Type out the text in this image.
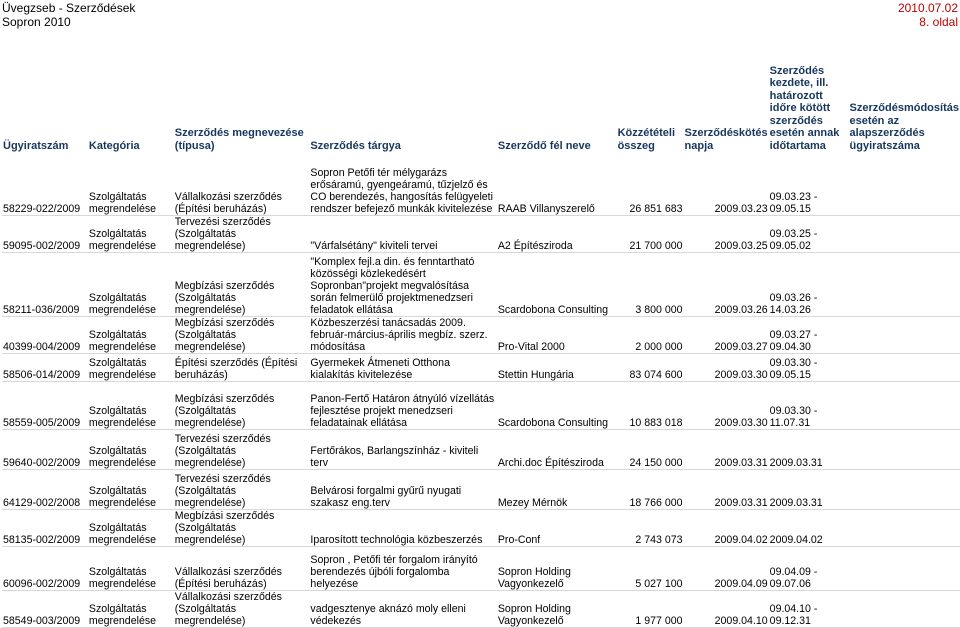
Üvegzseb - Szerződések
Sopron 2010
2010.07.02
8. oldal
Ügyiratszám	Kategória	Szerződés megnevezése (típusa)	Szerződés tárgya	Szerződő fél neve	Közzétételi összeg	Szerződéskötés napja	Szerződés kezdete, ill. határozott időre kötött szerződés esetén annak időtartama	Szerződésmódosítás esetén az alapszerződés ügyiratszáma
58229-022/2009	Szolgáltatás
megrendelése	Vállalkozási szerződés
(Építési beruházás)	Sopron Petőfi tér mélygarázs erősáramú, gyengeáramú, tűzjelző és CO berendezés, hangosítás felügyeleti rendszer befejező munkák kivitelezése	RAAB Villanyszerelő	26 851 683	2009.03.23	09.03.23 -
09.05.15	
59095-002/2009	Szolgáltatás
megrendelése	Tervezési szerződés
(Szolgáltatás megrendelése)	"Várfalsétány" kiviteli tervei	A2 Építésziroda	21 700 000	2009.03.25	09.03.25 -
09.05.02	
58211-036/2009	Szolgáltatás
megrendelése	Megbízási szerződés
(Szolgáltatás megrendelése)	"Komplex fejl.a din. és fenntartható közösségi közlekedésért Sopronban"projekt megvalósítása során felmerülő projektmenedzseri feladatok ellátása	Scardobona Consulting	3 800 000	2009.03.26	09.03.26 -
14.03.26	
40399-004/2009	Szolgáltatás
megrendelése	Megbízási szerződés
(Szolgáltatás megrendelése)	Közbeszerzési tanácsadás 2009. február-március-április megbíz. szerz. módosítása	Pro-Vital 2000	2 000 000	2009.03.27	09.03.27 -
09.04.30	
58506-014/2009	Szolgáltatás
megrendelése	Építési szerződés (Építési
beruházás)	Gyermekek Átmeneti Otthona kialakítás kivitelezése	Stettin Hungária	83 074 600	2009.03.30	09.03.30 -
09.05.15	
58559-005/2009	Szolgáltatás
megrendelése	Megbízási szerződés
(Szolgáltatás megrendelése)	Panon-Fertő Határon átnyúló vízellátás fejlesztése projekt menedzseri feladatainak ellátása	Scardobona Consulting	10 883 018	2009.03.30	09.03.30 -
11.07.31	
59640-002/2009	Szolgáltatás
megrendelése	Tervezési szerződés
(Szolgáltatás megrendelése)	Fertőrákos, Barlangszínház - kiviteli terv	Archi.doc Építésziroda	24 150 000	2009.03.31	2009.03.31	
64129-002/2008	Szolgáltatás
megrendelése	Tervezési szerződés
(Szolgáltatás megrendelése)	Belvárosi forgalmi gyűrű nyugati szakasz eng.terv	Mezey Mérnök	18 766 000	2009.03.31	2009.03.31	
58135-002/2009	Szolgáltatás
megrendelése	Megbízási szerződés
(Szolgáltatás megrendelése)	Iparosított technológia közbeszerzés	Pro-Conf	2 743 073	2009.04.02	2009.04.02	
60096-002/2009	Szolgáltatás
megrendelése	Vállalkozási szerződés
(Építési beruházás)	Sopron , Petőfi tér forgalom irányító berendezés újbóli forgalomba helyezése	Sopron Holding
Vagyonkezelő	5 027 100	2009.04.09	09.04.09 -
09.07.06	
58549-003/2009	Szolgáltatás
megrendelése	Vállalkozási szerződés
(Szolgáltatás megrendelése)	vadgesztenye aknázó moly elleni védekezés	Sopron Holding
Vagyonkezelő	1 977 000	2009.04.10	09.04.10 -
09.12.31	
